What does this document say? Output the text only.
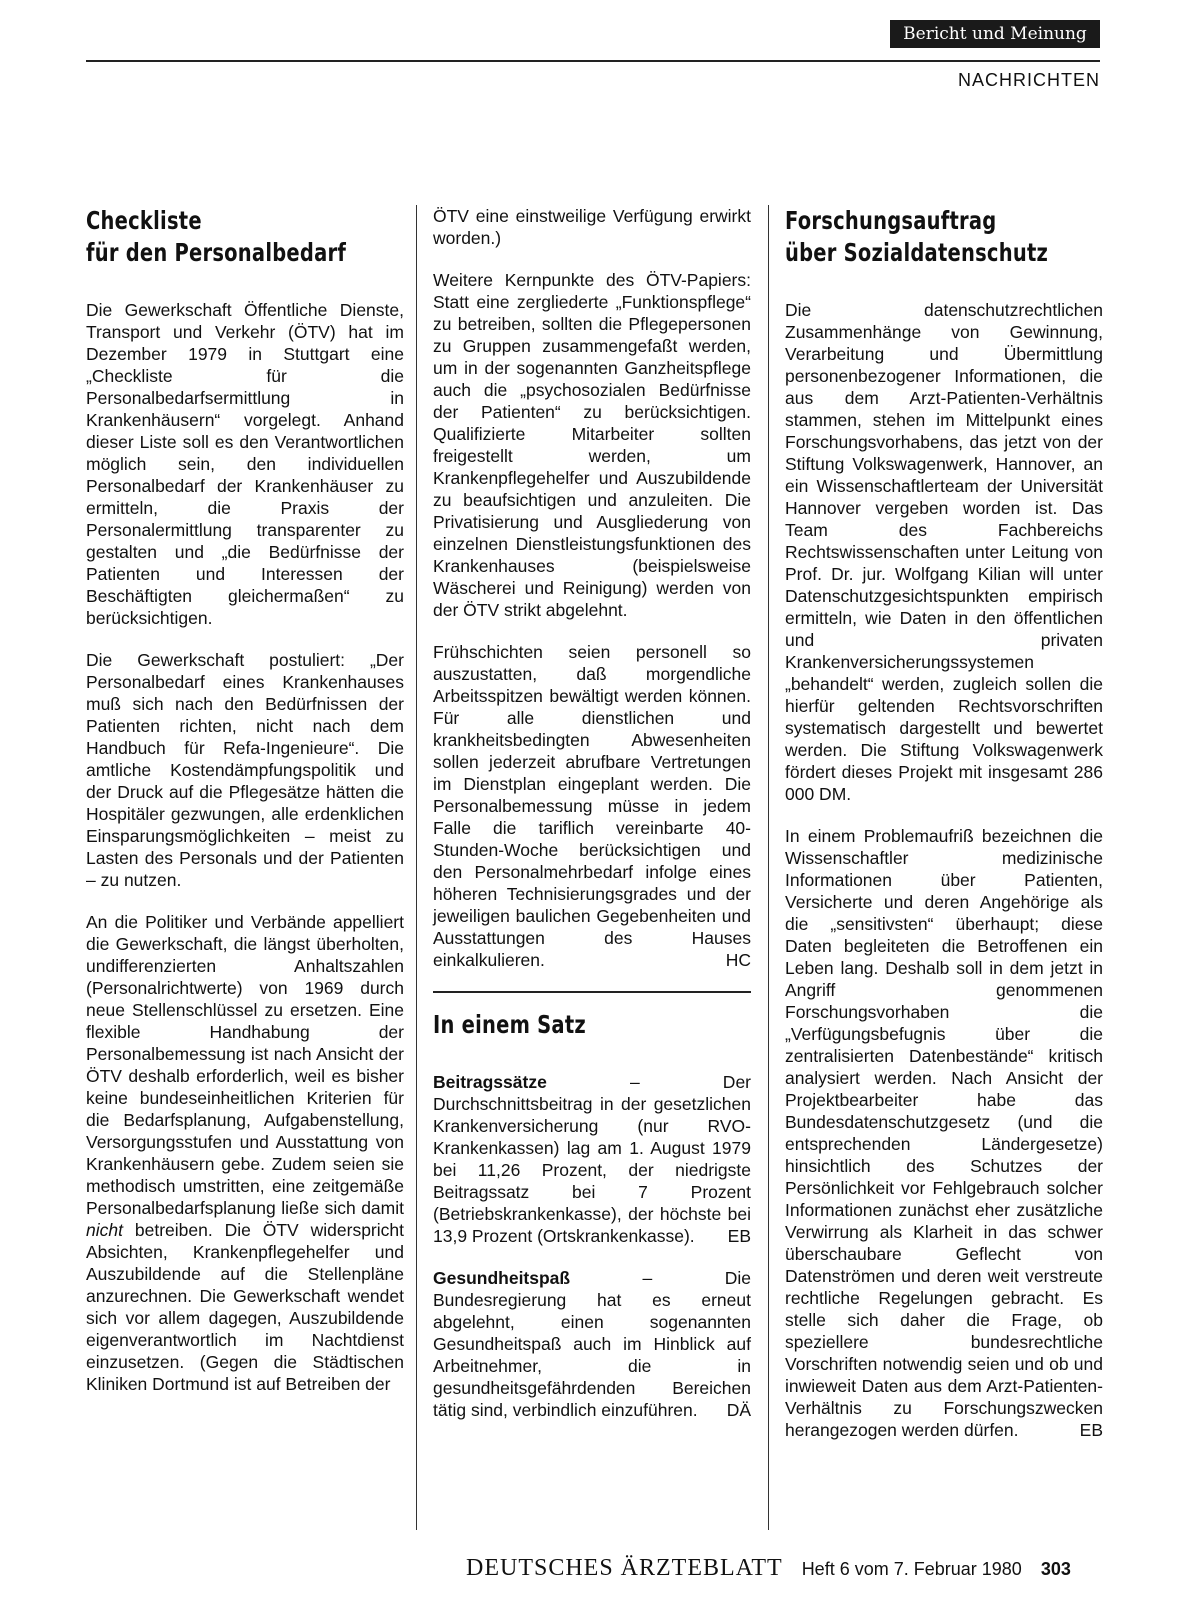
Bericht und Meinung
NACHRICHTEN
Checkliste
für den Personalbedarf

Die Gewerkschaft Öffentliche Dienste, Transport und Verkehr (ÖTV) hat im Dezember 1979 in Stuttgart eine „Checkliste für die Personalbedarfsermittlung in Krankenhäusern“ vorgelegt. Anhand dieser Liste soll es den Verantwortlichen möglich sein, den individuellen Personalbedarf der Krankenhäuser zu ermitteln, die Praxis der Personalermittlung transparenter zu gestalten und „die Bedürfnisse der Patienten und Interessen der Beschäftigten gleichermaßen“ zu berücksichtigen.

Die Gewerkschaft postuliert: „Der Personalbedarf eines Krankenhauses muß sich nach den Bedürfnissen der Patienten richten, nicht nach dem Handbuch für Refa-Ingenieure“. Die amtliche Kostendämpfungspolitik und der Druck auf die Pflegesätze hätten die Hospitäler gezwungen, alle erdenklichen Einsparungsmöglichkeiten – meist zu Lasten des Personals und der Patienten – zu nutzen.

An die Politiker und Verbände appelliert die Gewerkschaft, die längst überholten, undifferenzierten Anhaltszahlen (Personalrichtwerte) von 1969 durch neue Stellenschlüssel zu ersetzen. Eine flexible Handhabung der Personalbemessung ist nach Ansicht der ÖTV deshalb erforderlich, weil es bisher keine bundeseinheitlichen Kriterien für die Bedarfsplanung, Aufgabenstellung, Versorgungsstufen und Ausstattung von Krankenhäusern gebe. Zudem seien sie methodisch umstritten, eine zeitgemäße Personalbedarfsplanung ließe sich damit nicht betreiben. Die ÖTV widerspricht Absichten, Krankenpflegehelfer und Auszubildende auf die Stellenpläne anzurechnen. Die Gewerkschaft wendet sich vor allem dagegen, Auszubildende eigenverantwortlich im Nachtdienst einzusetzen. (Gegen die Städtischen Kliniken Dortmund ist auf Betreiben der

ÖTV eine einstweilige Verfügung erwirkt worden.)

Weitere Kernpunkte des ÖTV-Papiers: Statt eine zergliederte „Funktionspflege“ zu betreiben, sollten die Pflegepersonen zu Gruppen zusammengefaßt werden, um in der sogenannten Ganzheitspflege auch die „psychosozialen Bedürfnisse der Patienten“ zu berücksichtigen. Qualifizierte Mitarbeiter sollten freigestellt werden, um Krankenpflegehelfer und Auszubildende zu beaufsichtigen und anzuleiten. Die Privatisierung und Ausgliederung von einzelnen Dienstleistungsfunktionen des Krankenhauses (beispielsweise Wäscherei und Reinigung) werden von der ÖTV strikt abgelehnt.

Frühschichten seien personell so auszustatten, daß morgendliche Arbeitsspitzen bewältigt werden können. Für alle dienstlichen und krankheitsbedingten Abwesenheiten sollen jederzeit abrufbare Vertretungen im Dienstplan eingeplant werden. Die Personalbemessung müsse in jedem Falle die tariflich vereinbarte 40-Stunden-Woche berücksichtigen und den Personalmehrbedarf infolge eines höheren Technisierungsgrades und der jeweiligen baulichen Gegebenheiten und Ausstattungen des Hauses einkalkulieren.	HC

In einem Satz

Beitragssätze – Der Durchschnittsbeitrag in der gesetzlichen Krankenversicherung (nur RVO-Krankenkassen) lag am 1. August 1979 bei 11,26 Prozent, der niedrigste Beitragssatz bei 7 Prozent (Betriebskrankenkasse), der höchste bei 13,9 Prozent (Ortskrankenkasse). EB

Gesundheitspaß – Die Bundesregierung hat es erneut abgelehnt, einen sogenannten Gesundheitspaß auch im Hinblick auf Arbeitnehmer, die in gesundheitsgefährdenden Bereichen tätig sind, verbindlich einzuführen. DÄ

Forschungsauftrag
über Sozialdatenschutz

Die datenschutzrechtlichen Zusammenhänge von Gewinnung, Verarbeitung und Übermittlung personenbezogener Informationen, die aus dem Arzt-Patienten-Verhältnis stammen, stehen im Mittelpunkt eines Forschungsvorhabens, das jetzt von der Stiftung Volkswagenwerk, Hannover, an ein Wissenschaftlerteam der Universität Hannover vergeben worden ist. Das Team des Fachbereichs Rechtswissenschaften unter Leitung von Prof. Dr. jur. Wolfgang Kilian will unter Datenschutzgesichtspunkten empirisch ermitteln, wie Daten in den öffentlichen und privaten Krankenversicherungssystemen „behandelt“ werden, zugleich sollen die hierfür geltenden Rechtsvorschriften systematisch dargestellt und bewertet werden. Die Stiftung Volkswagenwerk fördert dieses Projekt mit insgesamt 286 000 DM.

In einem Problemaufriß bezeichnen die Wissenschaftler medizinische Informationen über Patienten, Versicherte und deren Angehörige als die „sensitivsten“ überhaupt; diese Daten begleiteten die Betroffenen ein Leben lang. Deshalb soll in dem jetzt in Angriff genommenen Forschungsvorhaben die „Verfügungsbefugnis über die zentralisierten Datenbestände“ kritisch analysiert werden. Nach Ansicht der Projektbearbeiter habe das Bundesdatenschutzgesetz (und die entsprechenden Ländergesetze) hinsichtlich des Schutzes der Persönlichkeit vor Fehlgebrauch solcher Informationen zunächst eher zusätzliche Verwirrung als Klarheit in das schwer überschaubare Geflecht von Datenströmen und deren weit verstreute rechtliche Regelungen gebracht. Es stelle sich daher die Frage, ob speziellere bundesrechtliche Vorschriften notwendig seien und ob und inwieweit Daten aus dem Arzt-Patienten-Verhältnis zu Forschungszwecken herangezogen werden dürfen.	EB

DEUTSCHES ÄRZTEBLATT Heft 6 vom 7. Februar 1980 303
